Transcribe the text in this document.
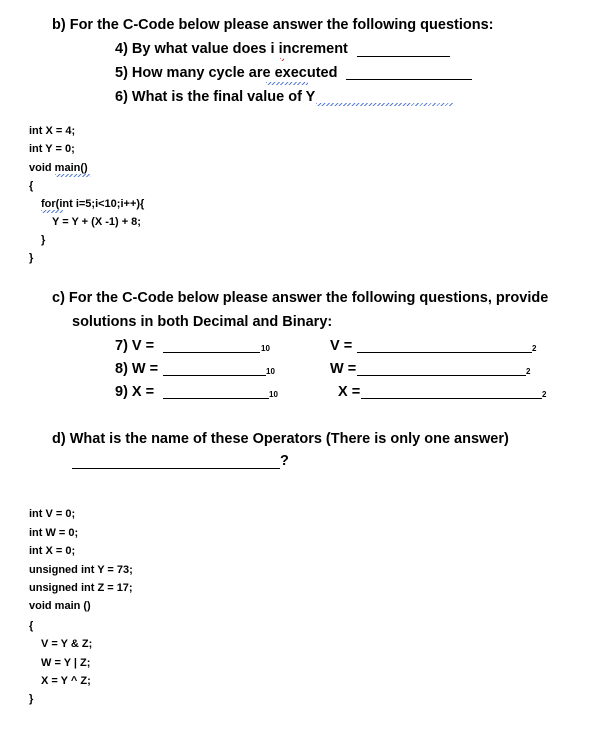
b) For the C-Code below please answer the following questions:
4) By what value does i increment
5) How many cycle are executed
6) What is the final value of Y
int X = 4;
int Y = 0;
void main()
{
for(int i=5;i<10;i++){
Y = Y + (X -1) + 8;
}
}
c) For the C-Code below please answer the following questions, provide
solutions in both Decimal and Binary:
7) V =	10	V =	2
8) W =	10	W =	2
9) X =	10	X =	2
d) What is the name of these Operators (There is only one answer)
?
int V = 0;
int W = 0;
int X = 0;
unsigned int Y = 73;
unsigned int Z = 17;
void main ()
{
V = Y & Z;
W = Y | Z;
X = Y ^ Z;
}
